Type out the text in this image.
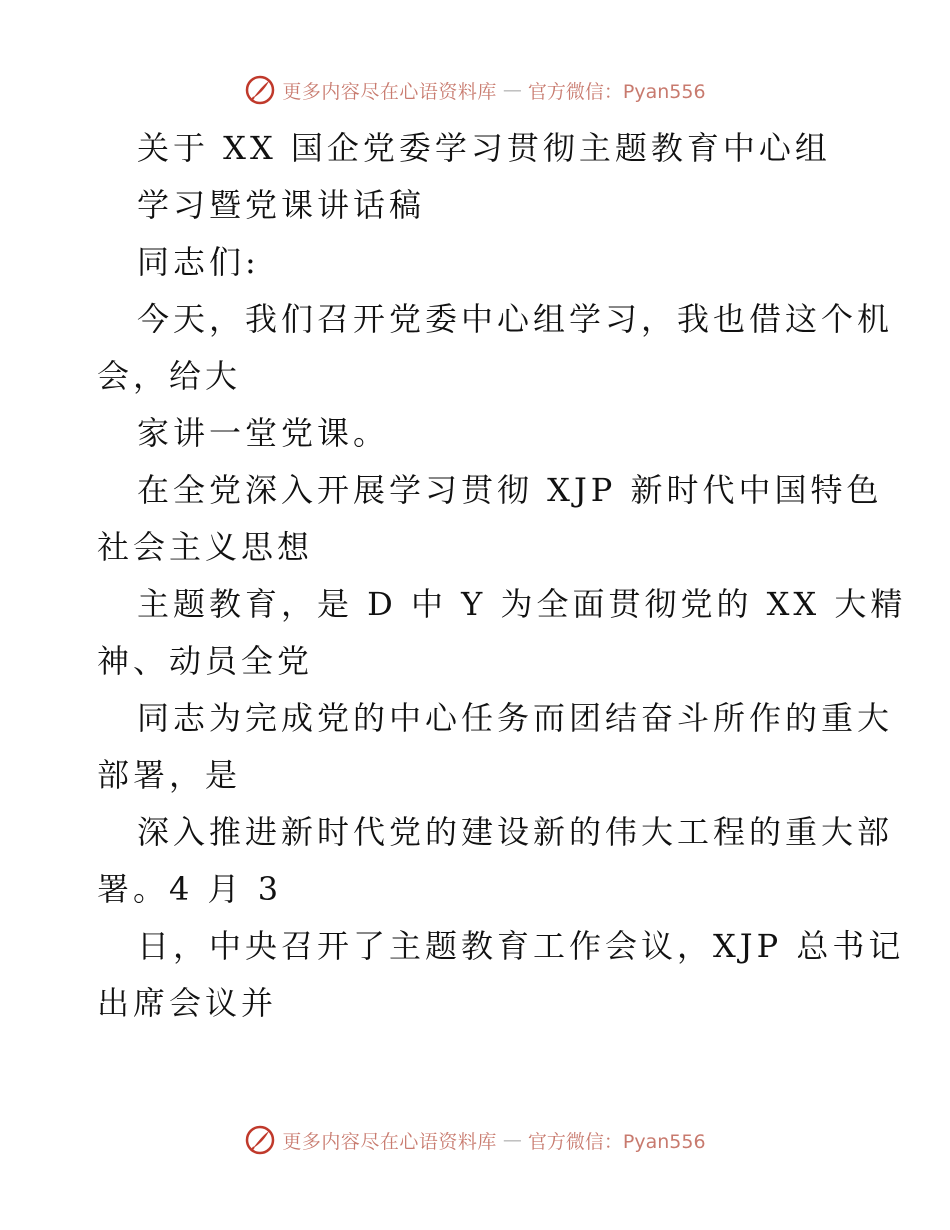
更多内容尽在心语资料库 — 官方微信：Pyan556
关于 XX 国企党委学习贯彻主题教育中心组
学习暨党课讲话稿
同志们:
今天，我们召开党委中心组学习，我也借这个机
会，给大
家讲一堂党课。
在全党深入开展学习贯彻 XJP 新时代中国特色
社会主义思想
主题教育，是 D 中 Y 为全面贯彻党的 XX 大精
神、动员全党
同志为完成党的中心任务而团结奋斗所作的重大
部署，是
深入推进新时代党的建设新的伟大工程的重大部
署。4 月 3
日，中央召开了主题教育工作会议，XJP 总书记
出席会议并
更多内容尽在心语资料库 — 官方微信：Pyan556
